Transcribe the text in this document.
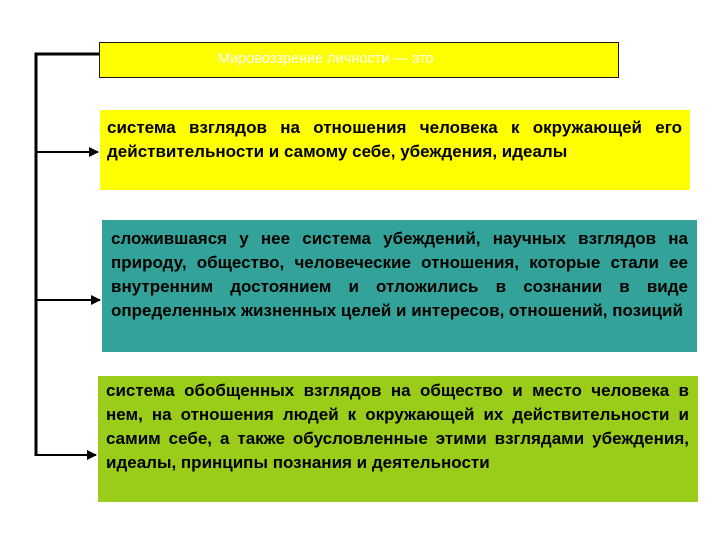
Мировоззрение личности — это
система взглядов на отношения человека к окружающей его действительности и самому себе, убеждения, идеалы
сложившаяся у нее система убеждений, научных взглядов на природу, общество, человеческие отношения, которые стали ее внутренним достоянием и отложились в сознании в виде определенных жизненных целей и интересов, отношений, позиций
система обобщенных взглядов на общество и место человека в нем, на отношения людей к окружающей их действительности и самим себе, а также обусловленные этими взглядами убеждения, идеалы, принципы познания и деятельности
